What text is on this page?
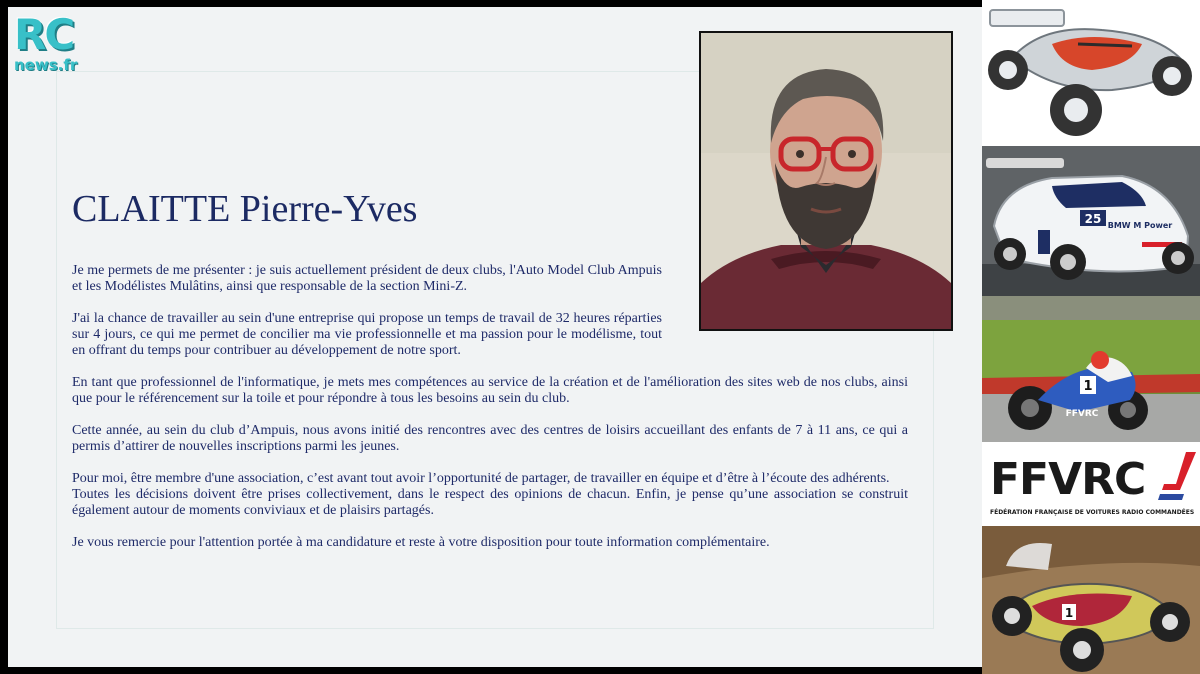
RC
news.fr
CLAITTE Pierre-Yves

Je me permets de me présenter : je suis actuellement président de deux clubs, l'Auto Model Club Ampuis et les Modélistes Mulâtins, ainsi que responsable de la section Mini-Z.

J'ai la chance de travailler au sein d'une entreprise qui propose un temps de travail de 32 heures réparties sur 4 jours, ce qui me permet de concilier ma vie professionnelle et ma passion pour le modélisme, tout en offrant du temps pour contribuer au développement de notre sport.

En tant que professionnel de l'informatique, je mets mes compétences au service de la création et de l'amélioration des sites web de nos clubs, ainsi que pour le référencement sur la toile et pour répondre à tous les besoins au sein du club.

Cette année, au sein du club d’Ampuis, nous avons initié des rencontres avec des centres de loisirs accueillant des enfants de 7 à 11 ans, ce qui a permis d’attirer de nouvelles inscriptions parmi les jeunes.

Pour moi, être membre d'une association, c’est avant tout avoir l’opportunité de partager, de travailler en équipe et d’être à l’écoute des adhérents.

Toutes les décisions doivent être prises collectivement, dans le respect des opinions de chacun. Enfin, je pense qu’une association se construit également autour de moments conviviaux et de plaisirs partagés.

Je vous remercie pour l'attention portée à ma candidature et reste à votre disposition pour toute information complémentaire.

25 BMW M Power
1
FFVRC
FFVRC
FÉDÉRATION FRANÇAISE DE VOITURES RADIO COMMANDÉES
1
